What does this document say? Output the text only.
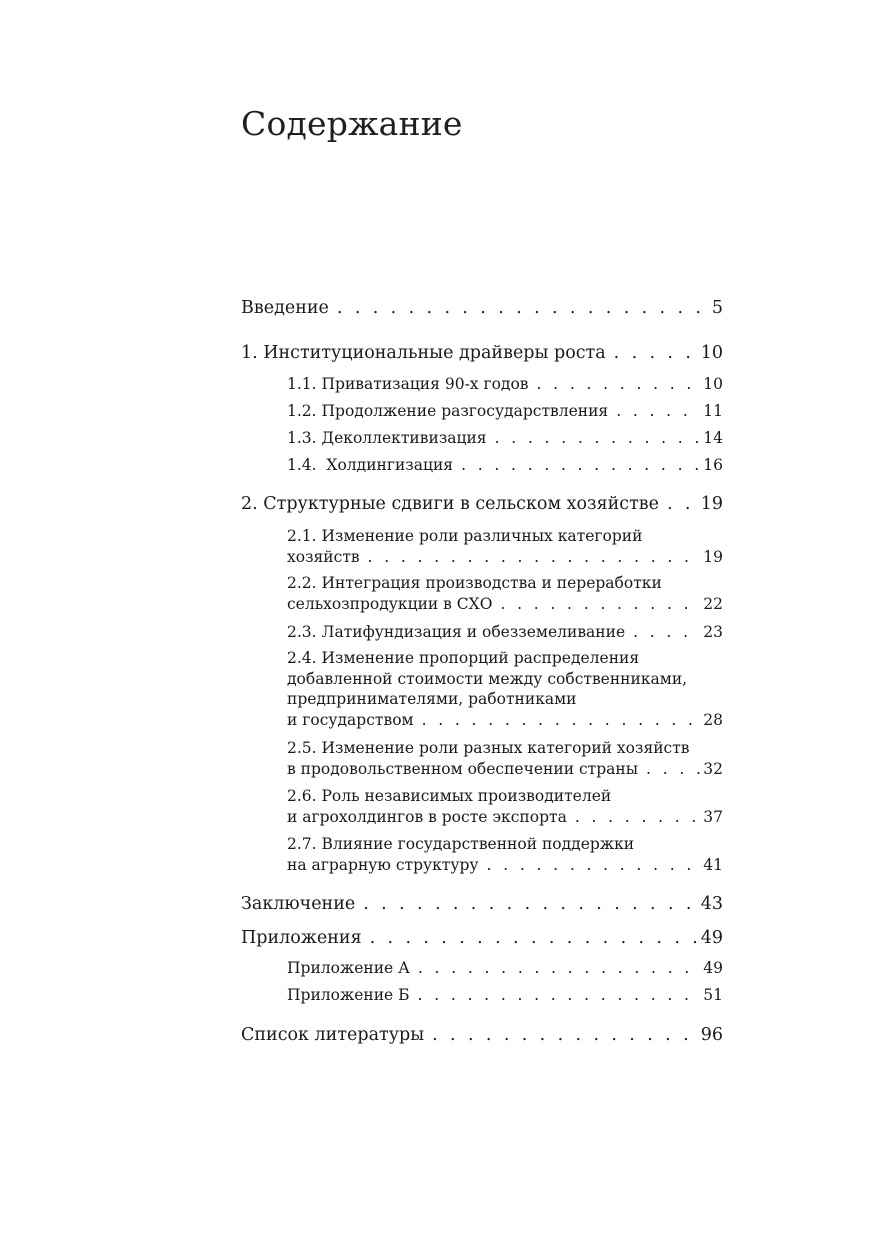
Содержание
Введение . . .	5
1. Институциональные драйверы роста . . .	10
1.1. Приватизация 90-х годов . . .	10
1.2. Продолжение разгосударствления . . .	11
1.3. Деколлективизация . . .	14
1.4.  Холдингизация . . .	16
2. Структурные сдвиги в сельском хозяйстве . . . 19
2.1. Изменение роли различных категорий
хозяйств . . .	19
2.2. Интеграция производства и переработки
сельхозпродукции в СХО . . .	22
2.3. Латифундизация и обезземеливание . . .	23
2.4. Изменение пропорций распределения
добавленной стоимости между собственниками,
предпринимателями, работниками
и государством . . .	28
2.5. Изменение роли разных категорий хозяйств
в продовольственном обеспечении страны . . .	32
2.6. Роль независимых производителей
и агрохолдингов в росте экспорта . . .	37
2.7. Влияние государственной поддержки
на аграрную структуру . . .	41
Заключение . . .	43
Приложения . . .	49
Приложение А . . .	49
Приложение Б . . .	51
Список литературы . . .	96
